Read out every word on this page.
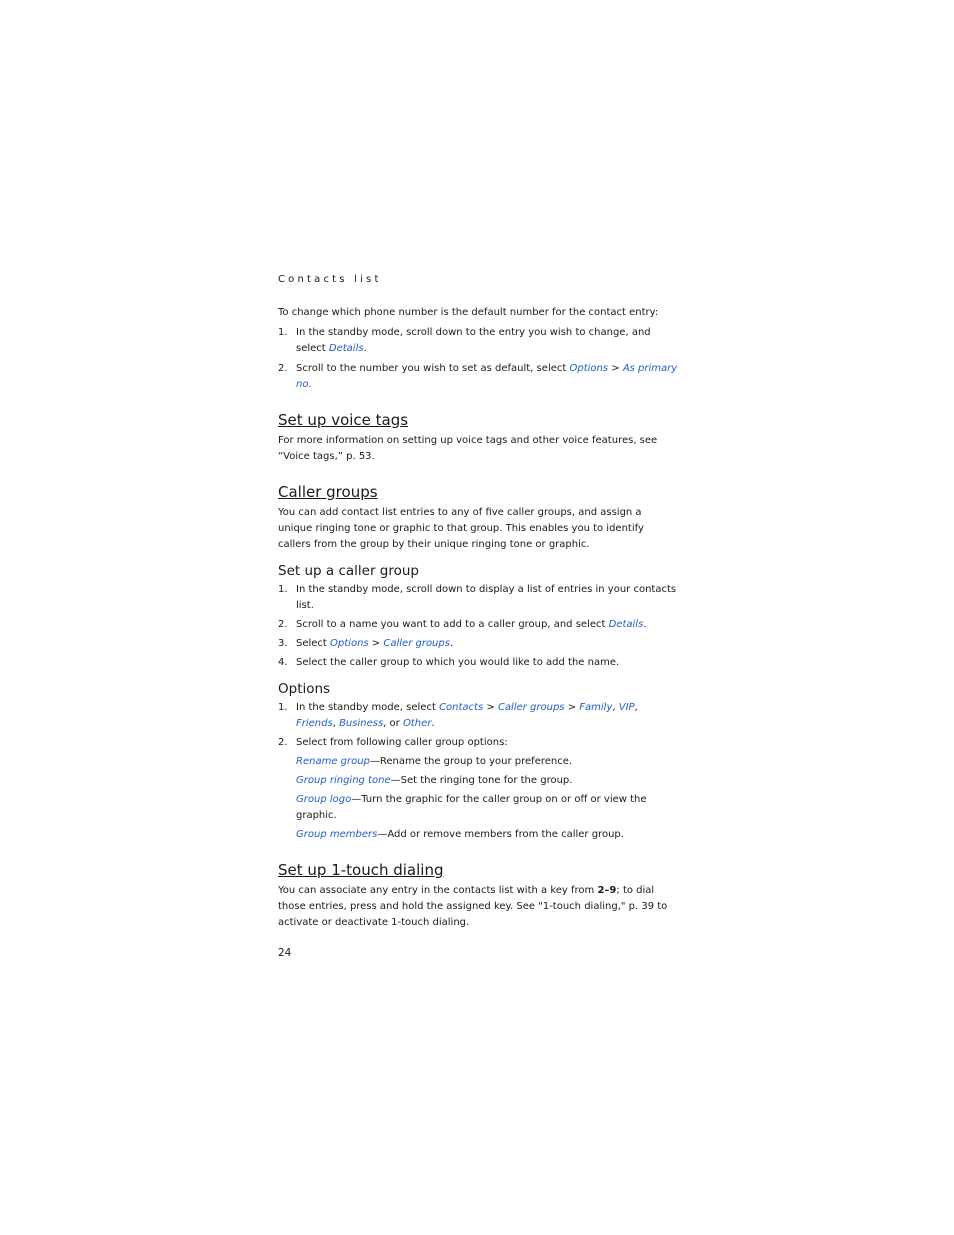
Contacts list

To change which phone number is the default number for the contact entry:

1. In the standby mode, scroll down to the entry you wish to change, and select Details.
2. Scroll to the number you wish to set as default, select Options > As primary no.
Set up voice tags

For more information on setting up voice tags and other voice features, see “Voice tags,” p. 53.

Caller groups

You can add contact list entries to any of five caller groups, and assign a unique ringing tone or graphic to that group. This enables you to identify callers from the group by their unique ringing tone or graphic.

Set up a caller group
1. In the standby mode, scroll down to display a list of entries in your contacts list.
2. Scroll to a name you want to add to a caller group, and select Details.
3. Select Options > Caller groups.
4. Select the caller group to which you would like to add the name.
Options
1. In the standby mode, select Contacts > Caller groups > Family, VIP, Friends, Business, or Other.
2. Select from following caller group options:
Rename group—Rename the group to your preference.
Group ringing tone—Set the ringing tone for the group.
Group logo—Turn the graphic for the caller group on or off or view the graphic.
Group members—Add or remove members from the caller group.
Set up 1-touch dialing

You can associate any entry in the contacts list with a key from 2–9; to dial those entries, press and hold the assigned key. See "1-touch dialing," p. 39 to activate or deactivate 1-touch dialing.

24
